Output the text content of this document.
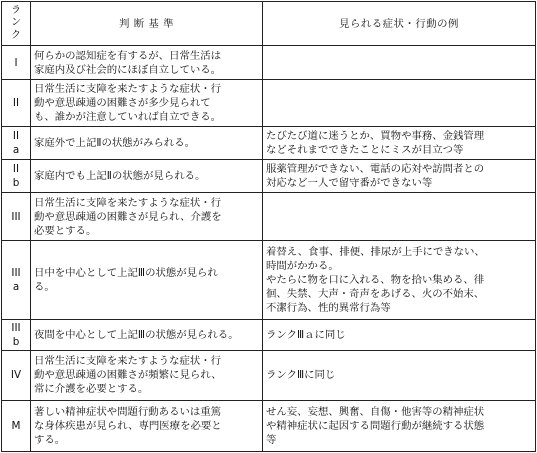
ラ
ン
ク	判 断 基 準	見られる症状・行動の例

I	何らかの認知症を有するが、日常生活は
家庭内及び社会的にほぼ自立している。	

II	日常生活に支障を来たすような症状・行
動や意思疎通の困難さが多少見られて
も、誰かが注意していれば自立できる。	

II
a	家庭外で上記Ⅱの状態がみられる。	たびたび道に迷うとか、買物や事務、金銭管理
などそれまでできたことにミスが目立つ等

II
b	家庭内でも上記Ⅱの状態が見られる。	服薬管理ができない、電話の応対や訪問者との
対応など一人で留守番ができない等

III	日常生活に支障を来たすような症状・行
動や意思疎通の困難さが見られ、介護を
必要とする。	

III
a	日中を中心として上記Ⅲの状態が見られ
る。	着替え、食事、排便、排尿が上手にできない、
時間がかかる。
やたらに物を口に入れる、物を拾い集める、徘
徊、失禁、大声・奇声をあげる、火の不始末、
不潔行為、性的異常行為等

III
b	夜間を中心として上記Ⅲの状態が見られる。	ランクⅢａに同じ

IV	日常生活に支障を来たすような症状・行
動や意思疎通の困難さが頻繁に見られ、
常に介護を必要とする。	ランクⅢに同じ

M	著しい精神症状や問題行動あるいは重篤
な身体疾患が見られ、専門医療を必要と
する。	せん妄、妄想、興奮、自傷・他害等の精神症状
や精神症状に起因する問題行動が継続する状態
等
